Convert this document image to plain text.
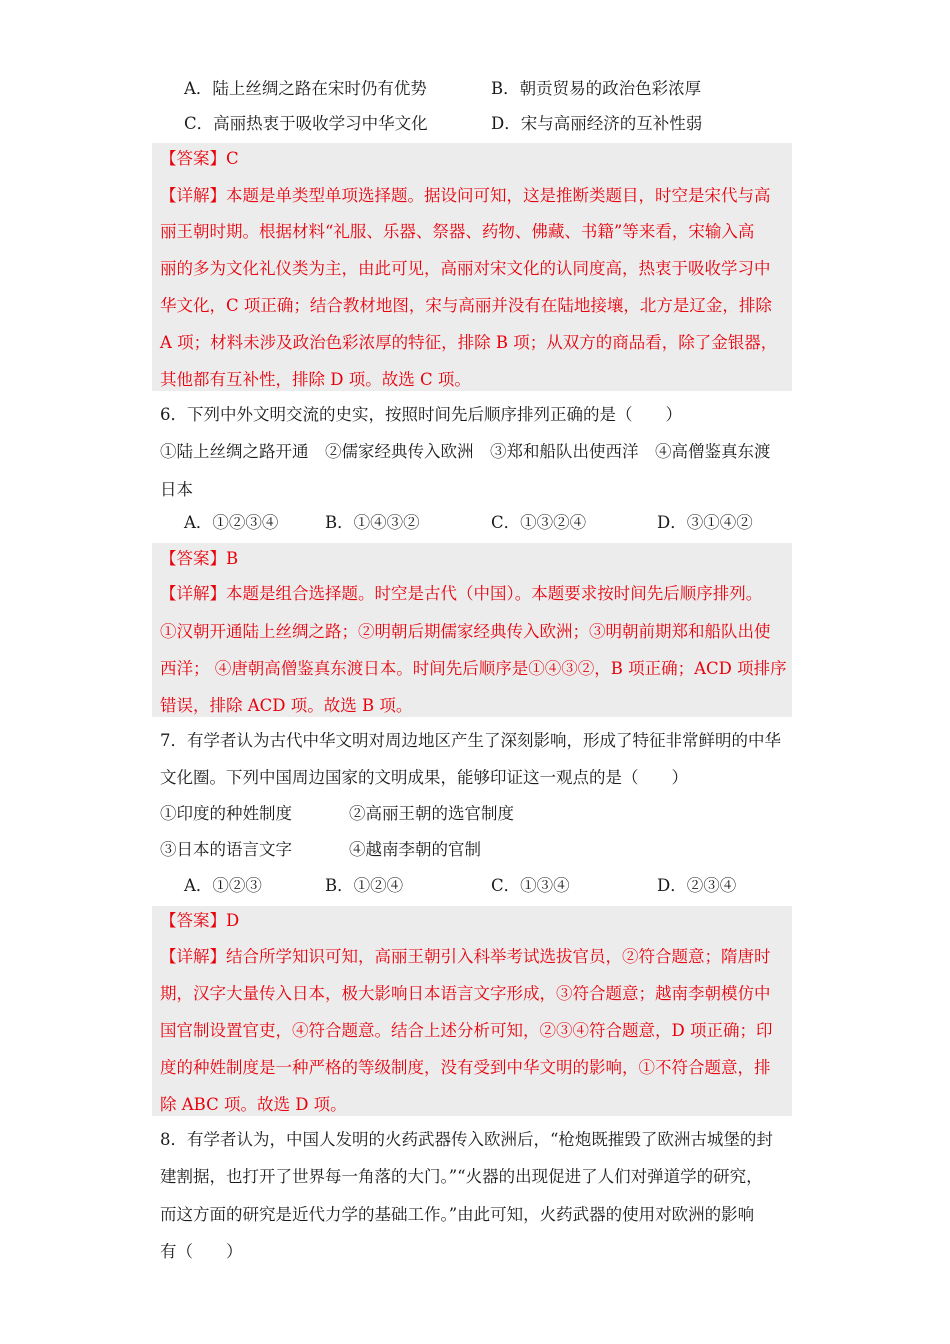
A．陆上丝绸之路在宋时仍有优势	B．朝贡贸易的政治色彩浓厚
C．高丽热衷于吸收学习中华文化	D．宋与高丽经济的互补性弱
【答案】C
【详解】本题是单类型单项选择题。据设问可知，这是推断类题目，时空是宋代与高
丽王朝时期。根据材料“礼服、乐器、祭器、药物、佛藏、书籍”等来看，宋输入高
丽的多为文化礼仪类为主，由此可见，高丽对宋文化的认同度高，热衷于吸收学习中
华文化，C 项正确；结合教材地图，宋与高丽并没有在陆地接壤，北方是辽金，排除
A 项；材料未涉及政治色彩浓厚的特征，排除 B 项；从双方的商品看，除了金银器，
其他都有互补性，排除 D 项。故选 C 项。
6．下列中外文明交流的史实，按照时间先后顺序排列正确的是（　　）
①陆上丝绸之路开通　②儒家经典传入欧洲　③郑和船队出使西洋　④高僧鉴真东渡
日本
A．①②③④	B．①④③②	C．①③②④	D．③①④②
【答案】B
【详解】本题是组合选择题。时空是古代（中国）。本题要求按时间先后顺序排列。
①汉朝开通陆上丝绸之路；②明朝后期儒家经典传入欧洲；③明朝前期郑和船队出使
西洋； ④唐朝高僧鉴真东渡日本。时间先后顺序是①④③②，B 项正确；ACD 项排序
错误，排除 ACD 项。故选 B 项。
7．有学者认为古代中华文明对周边地区产生了深刻影响，形成了特征非常鲜明的中华
文化圈。下列中国周边国家的文明成果，能够印证这一观点的是（　　）
①印度的种姓制度	②高丽王朝的选官制度
③日本的语言文字	④越南李朝的官制
A．①②③	B．①②④	C．①③④	D．②③④
【答案】D
【详解】结合所学知识可知，高丽王朝引入科举考试选拔官员，②符合题意；隋唐时
期，汉字大量传入日本，极大影响日本语言文字形成，③符合题意；越南李朝模仿中
国官制设置官吏，④符合题意。结合上述分析可知，②③④符合题意，D 项正确；印
度的种姓制度是一种严格的等级制度，没有受到中华文明的影响，①不符合题意，排
除 ABC 项。故选 D 项。
8．有学者认为，中国人发明的火药武器传入欧洲后，“枪炮既摧毁了欧洲古城堡的封
建割据，也打开了世界每一角落的大门。”“火器的出现促进了人们对弹道学的研究，
而这方面的研究是近代力学的基础工作。”由此可知，火药武器的使用对欧洲的影响
有（　　）
